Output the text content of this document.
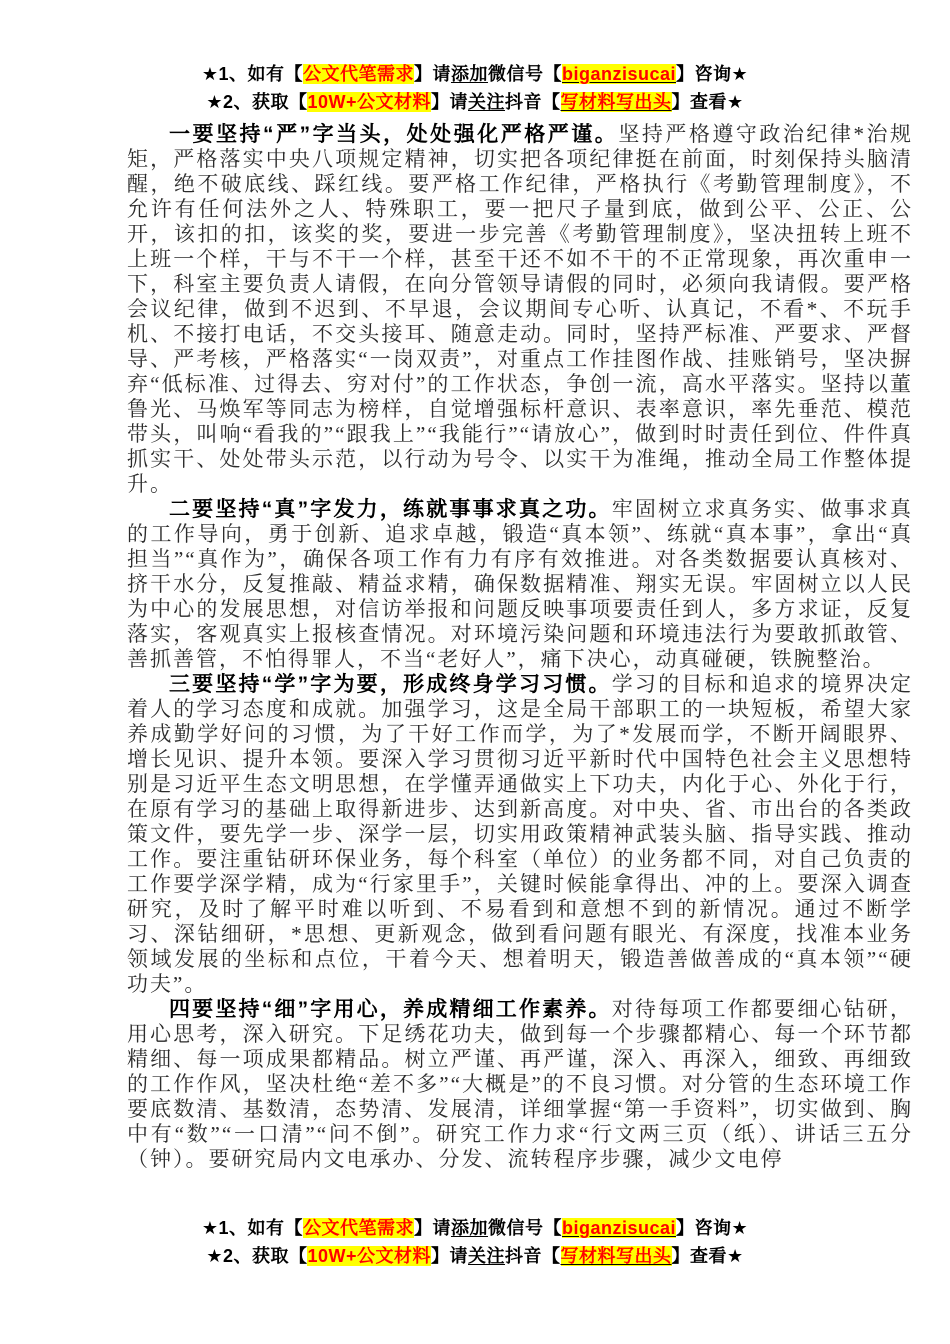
★1、如有【公文代笔需求】请添加微信号【biganzisucai】咨询★
★2、获取【10W+公文材料】请关注抖音【写材料写出头】查看★

一要坚持“严”字当头，处处强化严格严谨。坚持严格遵守政治纪律*治规矩，严格落实中央八项规定精神，切实把各项纪律挺在前面，时刻保持头脑清醒，绝不破底线、踩红线。要严格工作纪律，严格执行《考勤管理制度》，不允许有任何法外之人、特殊职工，要一把尺子量到底，做到公平、公正、公开，该扣的扣，该奖的奖，要进一步完善《考勤管理制度》，坚决扭转上班不上班一个样，干与不干一个样，甚至干还不如不干的不正常现象，再次重申一下，科室主要负责人请假，在向分管领导请假的同时，必须向我请假。要严格会议纪律，做到不迟到、不早退，会议期间专心听、认真记，不看*、不玩手机、不接打电话，不交头接耳、随意走动。同时，坚持严标准、严要求、严督导、严考核，严格落实“一岗双责”，对重点工作挂图作战、挂账销号，坚决摒弃“低标准、过得去、穷对付”的工作状态，争创一流，高水平落实。坚持以董鲁光、马焕军等同志为榜样，自觉增强标杆意识、表率意识，率先垂范、模范带头，叫响“看我的”“跟我上”“我能行”“请放心”，做到时时责任到位、件件真抓实干、处处带头示范，以行动为号令、以实干为准绳，推动全局工作整体提升。

二要坚持“真”字发力，练就事事求真之功。牢固树立求真务实、做事求真的工作导向，勇于创新、追求卓越，锻造“真本领”、练就“真本事”，拿出“真担当”“真作为”，确保各项工作有力有序有效推进。对各类数据要认真核对、挤干水分，反复推敲、精益求精，确保数据精准、翔实无误。牢固树立以人民为中心的发展思想，对信访举报和问题反映事项要责任到人，多方求证，反复落实，客观真实上报核查情况。对环境污染问题和环境违法行为要敢抓敢管、善抓善管，不怕得罪人，不当“老好人”，痛下决心，动真碰硬，铁腕整治。

三要坚持“学”字为要，形成终身学习习惯。学习的目标和追求的境界决定着人的学习态度和成就。加强学习，这是全局干部职工的一块短板，希望大家养成勤学好问的习惯，为了干好工作而学，为了*发展而学，不断开阔眼界、增长见识、提升本领。要深入学习贯彻习近平新时代中国特色社会主义思想特别是习近平生态文明思想，在学懂弄通做实上下功夫，内化于心、外化于行，在原有学习的基础上取得新进步、达到新高度。对中央、省、市出台的各类政策文件，要先学一步、深学一层，切实用政策精神武装头脑、指导实践、推动工作。要注重钻研环保业务，每个科室（单位）的业务都不同，对自己负责的工作要学深学精，成为“行家里手”，关键时候能拿得出、冲的上。要深入调查研究，及时了解平时难以听到、不易看到和意想不到的新情况。通过不断学习、深钻细研，*思想、更新观念，做到看问题有眼光、有深度，找准本业务领域发展的坐标和点位，干着今天、想着明天，锻造善做善成的“真本领”“硬功夫”。

四要坚持“细”字用心，养成精细工作素养。对待每项工作都要细心钻研，用心思考，深入研究。下足绣花功夫，做到每一个步骤都精心、每一个环节都精细、每一项成果都精品。树立严谨、再严谨，深入、再深入，细致、再细致的工作作风，坚决杜绝“差不多”“大概是”的不良习惯。对分管的生态环境工作要底数清、基数清，态势清、发展清，详细掌握“第一手资料”，切实做到、胸中有“数”“一口清”“问不倒”。研究工作力求“行文两三页（纸）、讲话三五分（钟）。要研究局内文电承办、分发、流转程序步骤，减少文电停

★1、如有【公文代笔需求】请添加微信号【biganzisucai】咨询★
★2、获取【10W+公文材料】请关注抖音【写材料写出头】查看★
